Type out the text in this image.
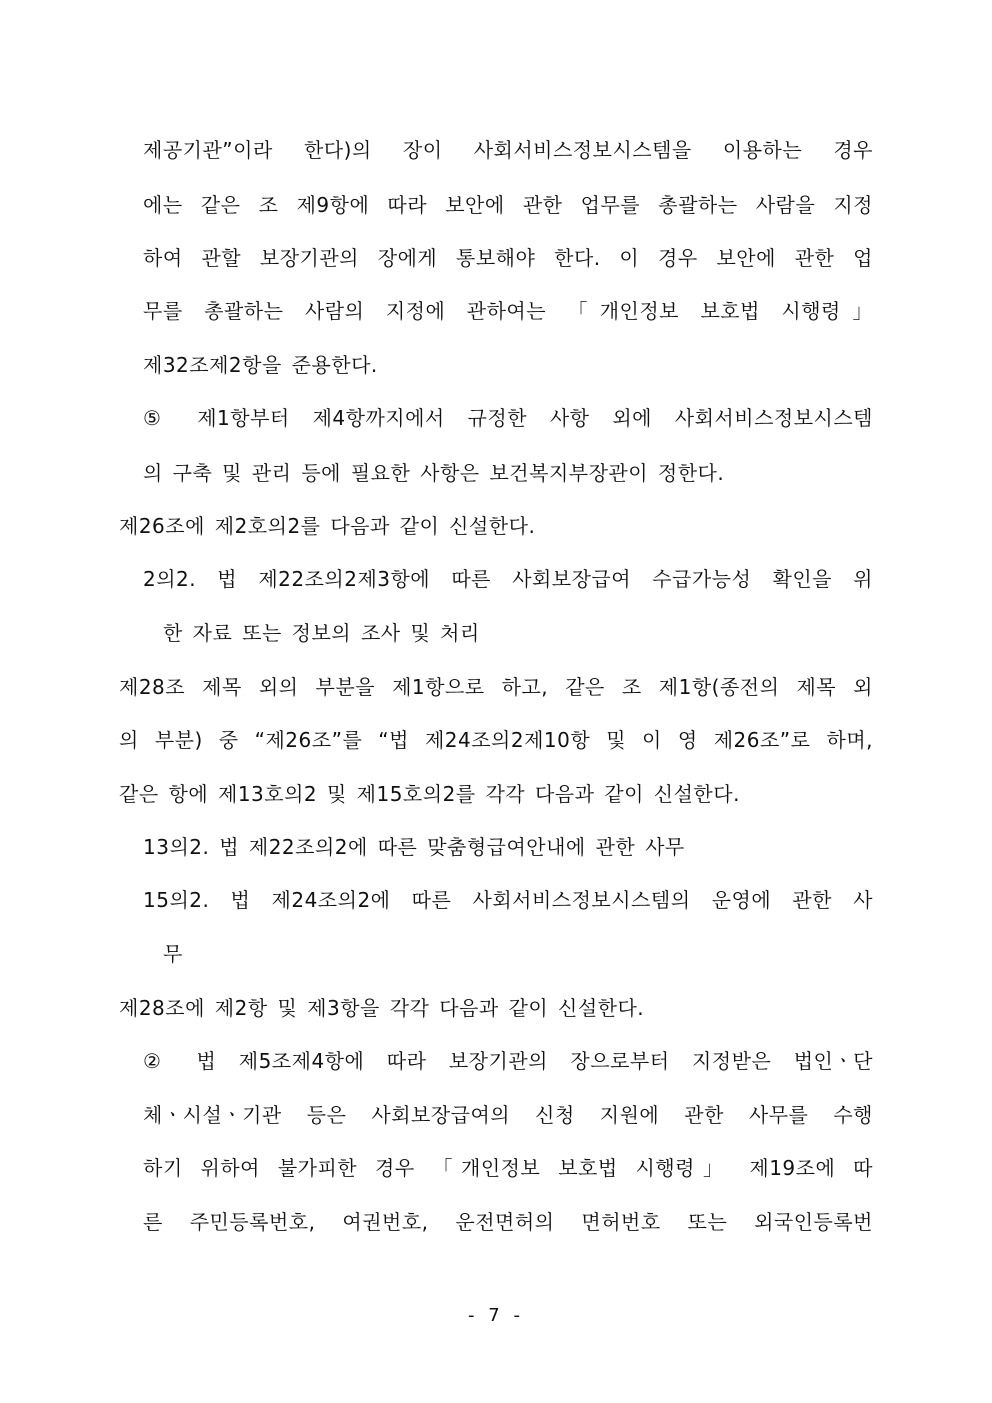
제공기관”이라 한다)의 장이 사회서비스정보시스템을 이용하는 경우
에는 같은 조 제9항에 따라 보안에 관한 업무를 총괄하는 사람을 지정
하여 관할 보장기관의 장에게 통보해야 한다. 이 경우 보안에 관한 업
무를 총괄하는 사람의 지정에 관하여는 「개인정보 보호법 시행령」
제32조제2항을 준용한다.
⑤ 제1항부터 제4항까지에서 규정한 사항 외에 사회서비스정보시스템
의 구축 및 관리 등에 필요한 사항은 보건복지부장관이 정한다.
제26조에 제2호의2를 다음과 같이 신설한다.
2의2. 법 제22조의2제3항에 따른 사회보장급여 수급가능성 확인을 위
한 자료 또는 정보의 조사 및 처리
제28조 제목 외의 부분을 제1항으로 하고, 같은 조 제1항(종전의 제목 외
의 부분) 중 “제26조”를 “법 제24조의2제10항 및 이 영 제26조”로 하며,
같은 항에 제13호의2 및 제15호의2를 각각 다음과 같이 신설한다.
13의2. 법 제22조의2에 따른 맞춤형급여안내에 관한 사무
15의2. 법 제24조의2에 따른 사회서비스정보시스템의 운영에 관한 사
무
제28조에 제2항 및 제3항을 각각 다음과 같이 신설한다.
② 법 제5조제4항에 따라 보장기관의 장으로부터 지정받은 법인ㆍ단
체ㆍ시설ㆍ기관 등은 사회보장급여의 신청 지원에 관한 사무를 수행
하기 위하여 불가피한 경우 「개인정보 보호법 시행령」 제19조에 따
른 주민등록번호, 여권번호, 운전면허의 면허번호 또는 외국인등록번
- 7 -
